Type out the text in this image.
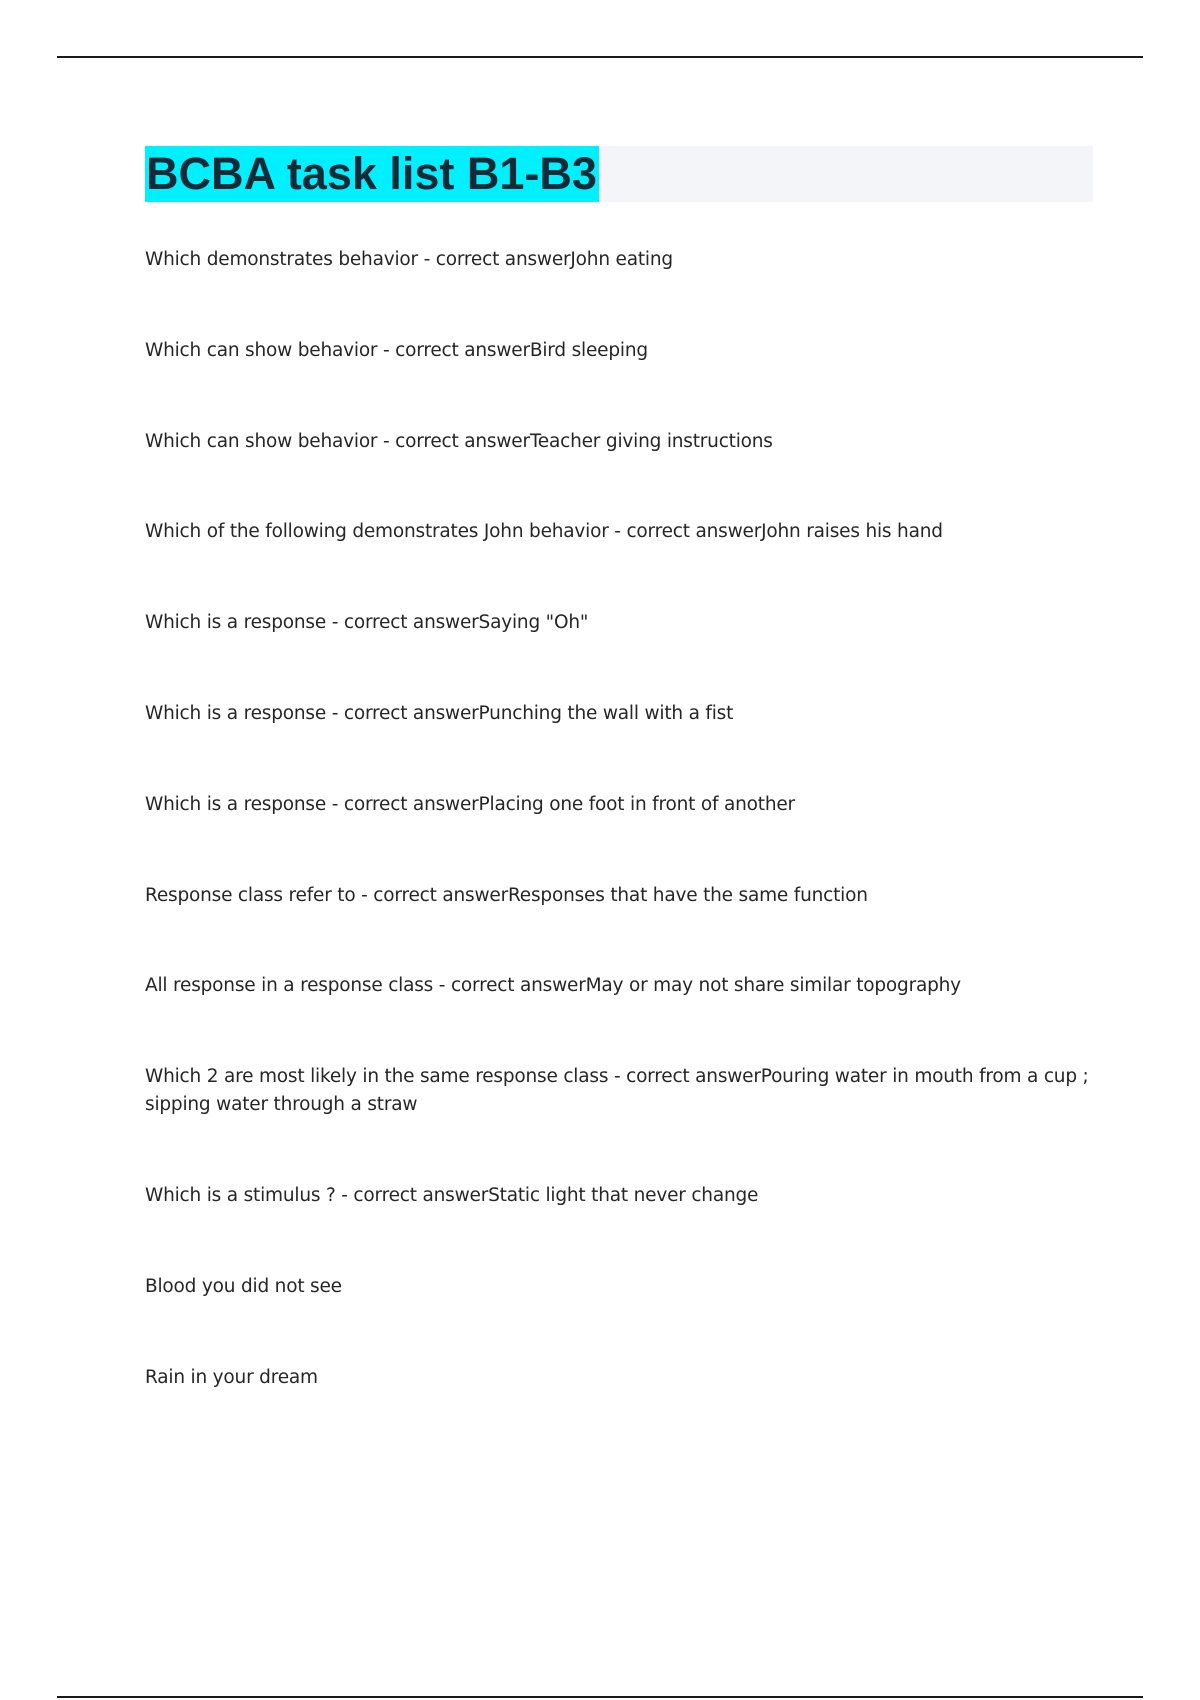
BCBA task list B1-B3
Which demonstrates behavior - correct answerJohn eating
Which can show behavior - correct answerBird sleeping
Which can show behavior - correct answerTeacher giving instructions
Which of the following demonstrates John behavior - correct answerJohn raises his hand
Which is a response - correct answerSaying "Oh"
Which is a response - correct answerPunching the wall with a fist
Which is a response - correct answerPlacing one foot in front of another
Response class refer to - correct answerResponses that have the same function
All response in a response class - correct answerMay or may not share similar topography
Which 2 are most likely in the same response class - correct answerPouring water in mouth from a cup ; sipping water through a straw
Which is a stimulus ? - correct answerStatic light that never change
Blood you did not see
Rain in your dream
